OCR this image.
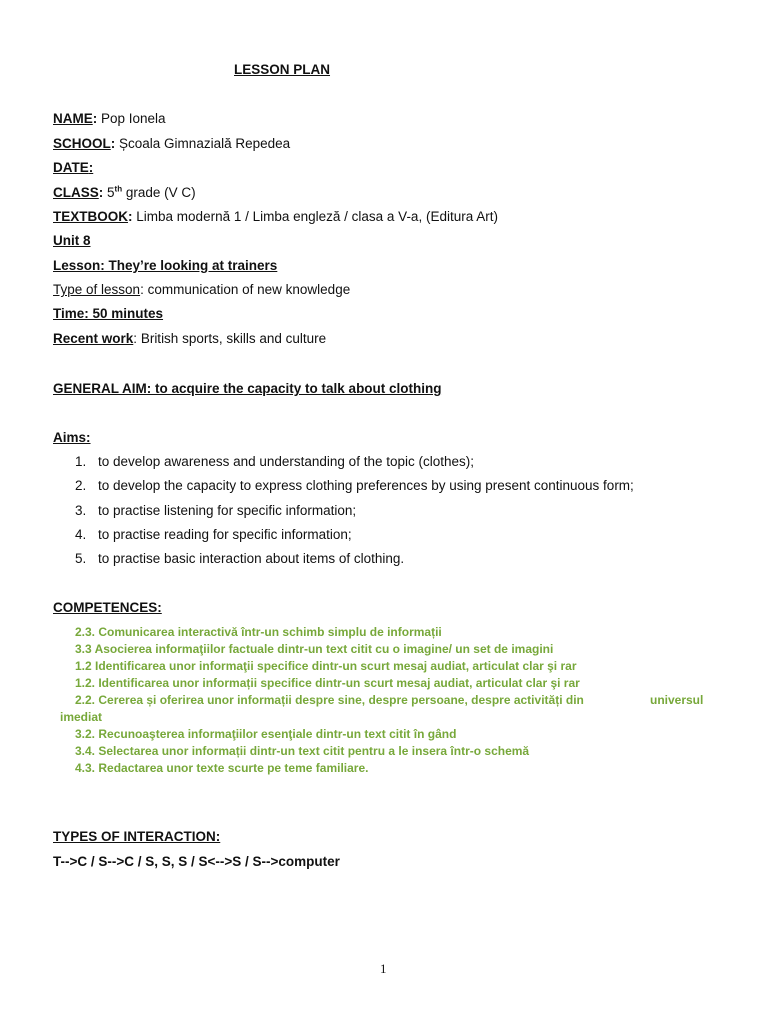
LESSON PLAN
NAME: Pop Ionela
SCHOOL: Școala Gimnazială Repedea
DATE:
CLASS: 5th grade (V C)
TEXTBOOK: Limba modernă 1 / Limba engleză / clasa a V-a, (Editura Art)
Unit 8
Lesson: They’re looking at trainers
Type of lesson: communication of new knowledge
Time: 50 minutes
Recent work: British sports, skills and culture
GENERAL AIM: to acquire the capacity to talk about clothing
Aims:
1. to develop awareness and understanding of the topic (clothes);
2. to develop the capacity to express clothing preferences by using present continuous form;
3. to practise listening for specific information;
4. to practise reading for specific information;
5. to practise basic interaction about items of clothing.
COMPETENCES:
2.3. Comunicarea interactivă într-un schimb simplu de informații
3.3 Asocierea informaţiilor factuale dintr-un text citit cu o imagine/ un set de imagini
1.2 Identificarea unor informaţii specifice dintr-un scurt mesaj audiat, articulat clar şi rar
1.2. Identificarea unor informații specifice dintr-un scurt mesaj audiat, articulat clar şi rar
2.2. Cererea și oferirea unor informații despre sine, despre persoane, despre activități din	universul
imediat
3.2. Recunoaşterea informaţiilor esenţiale dintr-un text citit în gând
3.4. Selectarea unor informații dintr-un text citit pentru a le insera într-o schemă
4.3. Redactarea unor texte scurte pe teme familiare.
TYPES OF INTERACTION:
T-->C / S-->C / S, S, S / S<-->S / S-->computer
1
